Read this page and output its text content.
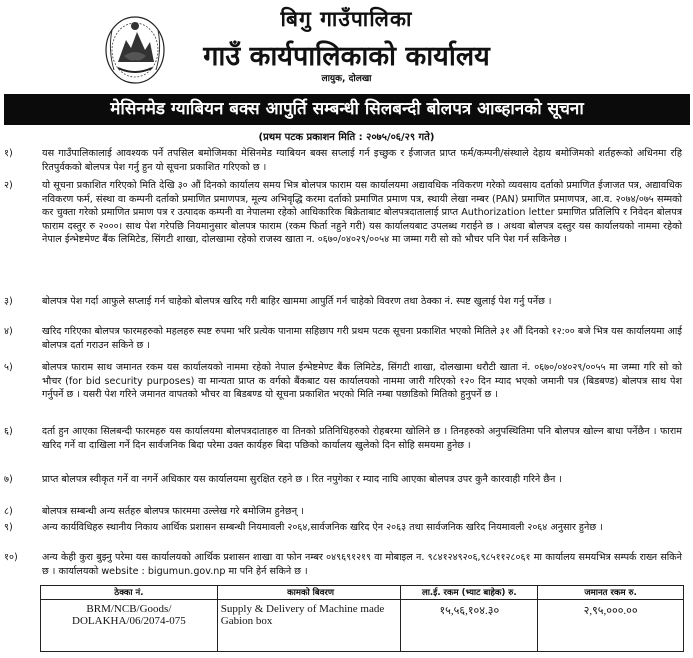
बिगु गाउँपालिका
गाउँ कार्यपालिकाको कार्यालय
लायुक, दोलखा
मेसिनमेड ग्याबियन बक्स आपुर्ति सम्बन्धी सिलबन्दी बोलपत्र आब्हानको सूचना
(प्रथम पटक प्रकाशन मिति : २०७५/०६/२९ गते)
१)	यस गाउँपालिकालाई आवश्यक पर्ने तपसिल बमोजिमका मेसिनमेड ग्याबियन बक्स सप्लाई गर्न इच्छुक र ईजाजत प्राप्त फर्म/कम्पनी/संस्थाले देहाय बमोजिमको शर्तहरूको अधिनमा रहि रितपुर्वकको बोलपत्र पेश गर्नु हुन यो सूचना प्रकाशित गरिएको छ ।
२)	यो सूचना प्रकाशित गरिएको मिति देखि ३० औं दिनको कार्यालय समय भित्र बोलपत्र फाराम यस कार्यालयमा अद्यावधिक नविकरण गरेको व्यवसाय दर्ताको प्रमाणित ईजाजत पत्र, अद्यावधिक नविकरण फर्म, संस्था वा कम्पनी दर्ताको प्रमाणित प्रमाणपत्र, मूल्य अभिवृद्धि करमा दर्ताको प्रमाणित प्रमाण पत्र, स्थायी लेखा नम्बर (PAN) प्रमाणित प्रमाणपत्र, आ.व. २०७४/०७५ सम्मको कर चुक्ता गरेको प्रमाणित प्रमाण पत्र र उत्पादक कम्पनी वा नेपालमा रहेको आधिकारिक बिक्रेताबाट बोलपत्रदातालाई प्राप्त Authorization letter प्रमाणित प्रतिलिपि र निवेदन बोलपत्र फाराम दस्तुर रु २०००। साथ पेश गरेपछि नियमानुसार बोलपत्र फाराम (रकम फिर्ता नहुने गरी) यस कार्यालयबाट उपलब्ध गराईने छ । अथवा बोलपत्र दस्तुर यस कार्यालयको नाममा रहेको नेपाल ईन्भेष्टमेण्ट बैंक लिमिटेड, सिंगटी शाखा, दोलखामा रहेको राजस्व खाता न. ०६७०/०४०२९/००५४ मा जम्मा गरी सो को भौचर पनि पेश गर्न सकिनेछ ।
३)	बोलपत्र पेश गर्दा आफुले सप्लाई गर्न चाहेको बोलपत्र खरिद गरी बाहिर खाममा आपुर्ति गर्न चाहेको विवरण तथा ठेक्का नं. स्पष्ट खुलाई पेश गर्नु पर्नेछ ।
४)	खरिद गरिएका बोलपत्र फारमहरुको महलहरु स्पष्ट रुपमा भरि प्रत्येक पानामा सहिछाप गरी प्रथम पटक सूचना प्रकाशित भएको मितिले ३१ औं दिनको १२:०० बजे भित्र यस कार्यालयमा आई बोलपत्र दर्ता गराउन सकिने छ ।
५)	बोलपत्र फाराम साथ जमानत रकम यस कार्यालयको नाममा रहेको नेपाल ईन्भेष्टमेण्ट बैंक लिमिटेड, सिंगटी शाखा, दोलखामा धरौटी खाता नं. ०६७०/०४०२९/००५५ मा जम्मा गरि सो को भौचर (for bid security purposes) वा मान्यता प्राप्त क वर्गको बैंकबाट यस कार्यालयको नाममा जारी गरिएको १२० दिन म्याद भएको जमानी पत्र (बिडबण्ड) बोलपत्र साथ पेश गर्नुपर्ने छ । यसरी पेश गरिने जमानत वापतको भौचर वा बिडबण्ड यो सूचना प्रकाशित भएको मिति नम्बा पछाडिको मितिको हुनुपर्ने छ ।
६)	दर्ता हुन आएका सिलबन्दी फारमहरु यस कार्यालयमा बोलपत्रदाताहरु वा तिनको प्रतिनिधिहरुको रोहबरमा खोलिने छ । तिनहरुको अनुपस्थितिमा पनि बोलपत्र खोल्न बाधा पर्नेछैन । फाराम खरिद गर्ने वा दाखिला गर्ने दिन सार्वजनिक बिदा परेमा उक्त कार्यहरु बिदा पछिको कार्यालय खुलेको दिन सोहि समयमा हुनेछ ।
७)	प्राप्त बोलपत्र स्वीकृत गर्ने वा नगर्ने अधिकार यस कार्यालयमा सुरक्षित रहने छ । रित नपुगेका र म्याद नाघि आएका बोलपत्र उपर कुनै कारवाही गरिने छैन ।
८)	बोलपत्र सम्बन्धी अन्य सर्तहरु बोलपत्र फारममा उल्लेख गरे बमोजिम हुनेछन् ।
९)	अन्य कार्यविधिहरु स्थानीय निकाय आर्थिक प्रशासन सम्बन्धी नियमावली २०६४,सार्वजनिक खरिद ऐन २०६३ तथा सार्वजनिक खरिद नियमावली २०६४ अनुसार हुनेछ ।
१०)	अन्य केही कुरा बुझ्नु परेमा यस कार्यालयको आर्थिक प्रशासन शाखा वा फोन नम्बर ०४९६९१२१९ वा मोबाइल न. ९८४१२४९२०६,९८५११२८०६१ मा कार्यालय समयभित्र सम्पर्क राख्न सकिने छ । कार्यालयको website : bigumun.gov.np मा पनि हेर्न सकिने छ ।
ठेक्का नं.	कामको बिवरण	ला.ई. रकम (भ्याट बाहेक) रु.	जमानत रकम रु.
BRM/NCB/Goods/ DOLAKHA/06/2074-075	Supply & Delivery of Machine made Gabion box	१५,५६,१०४.३०	२,९५,०००.००
